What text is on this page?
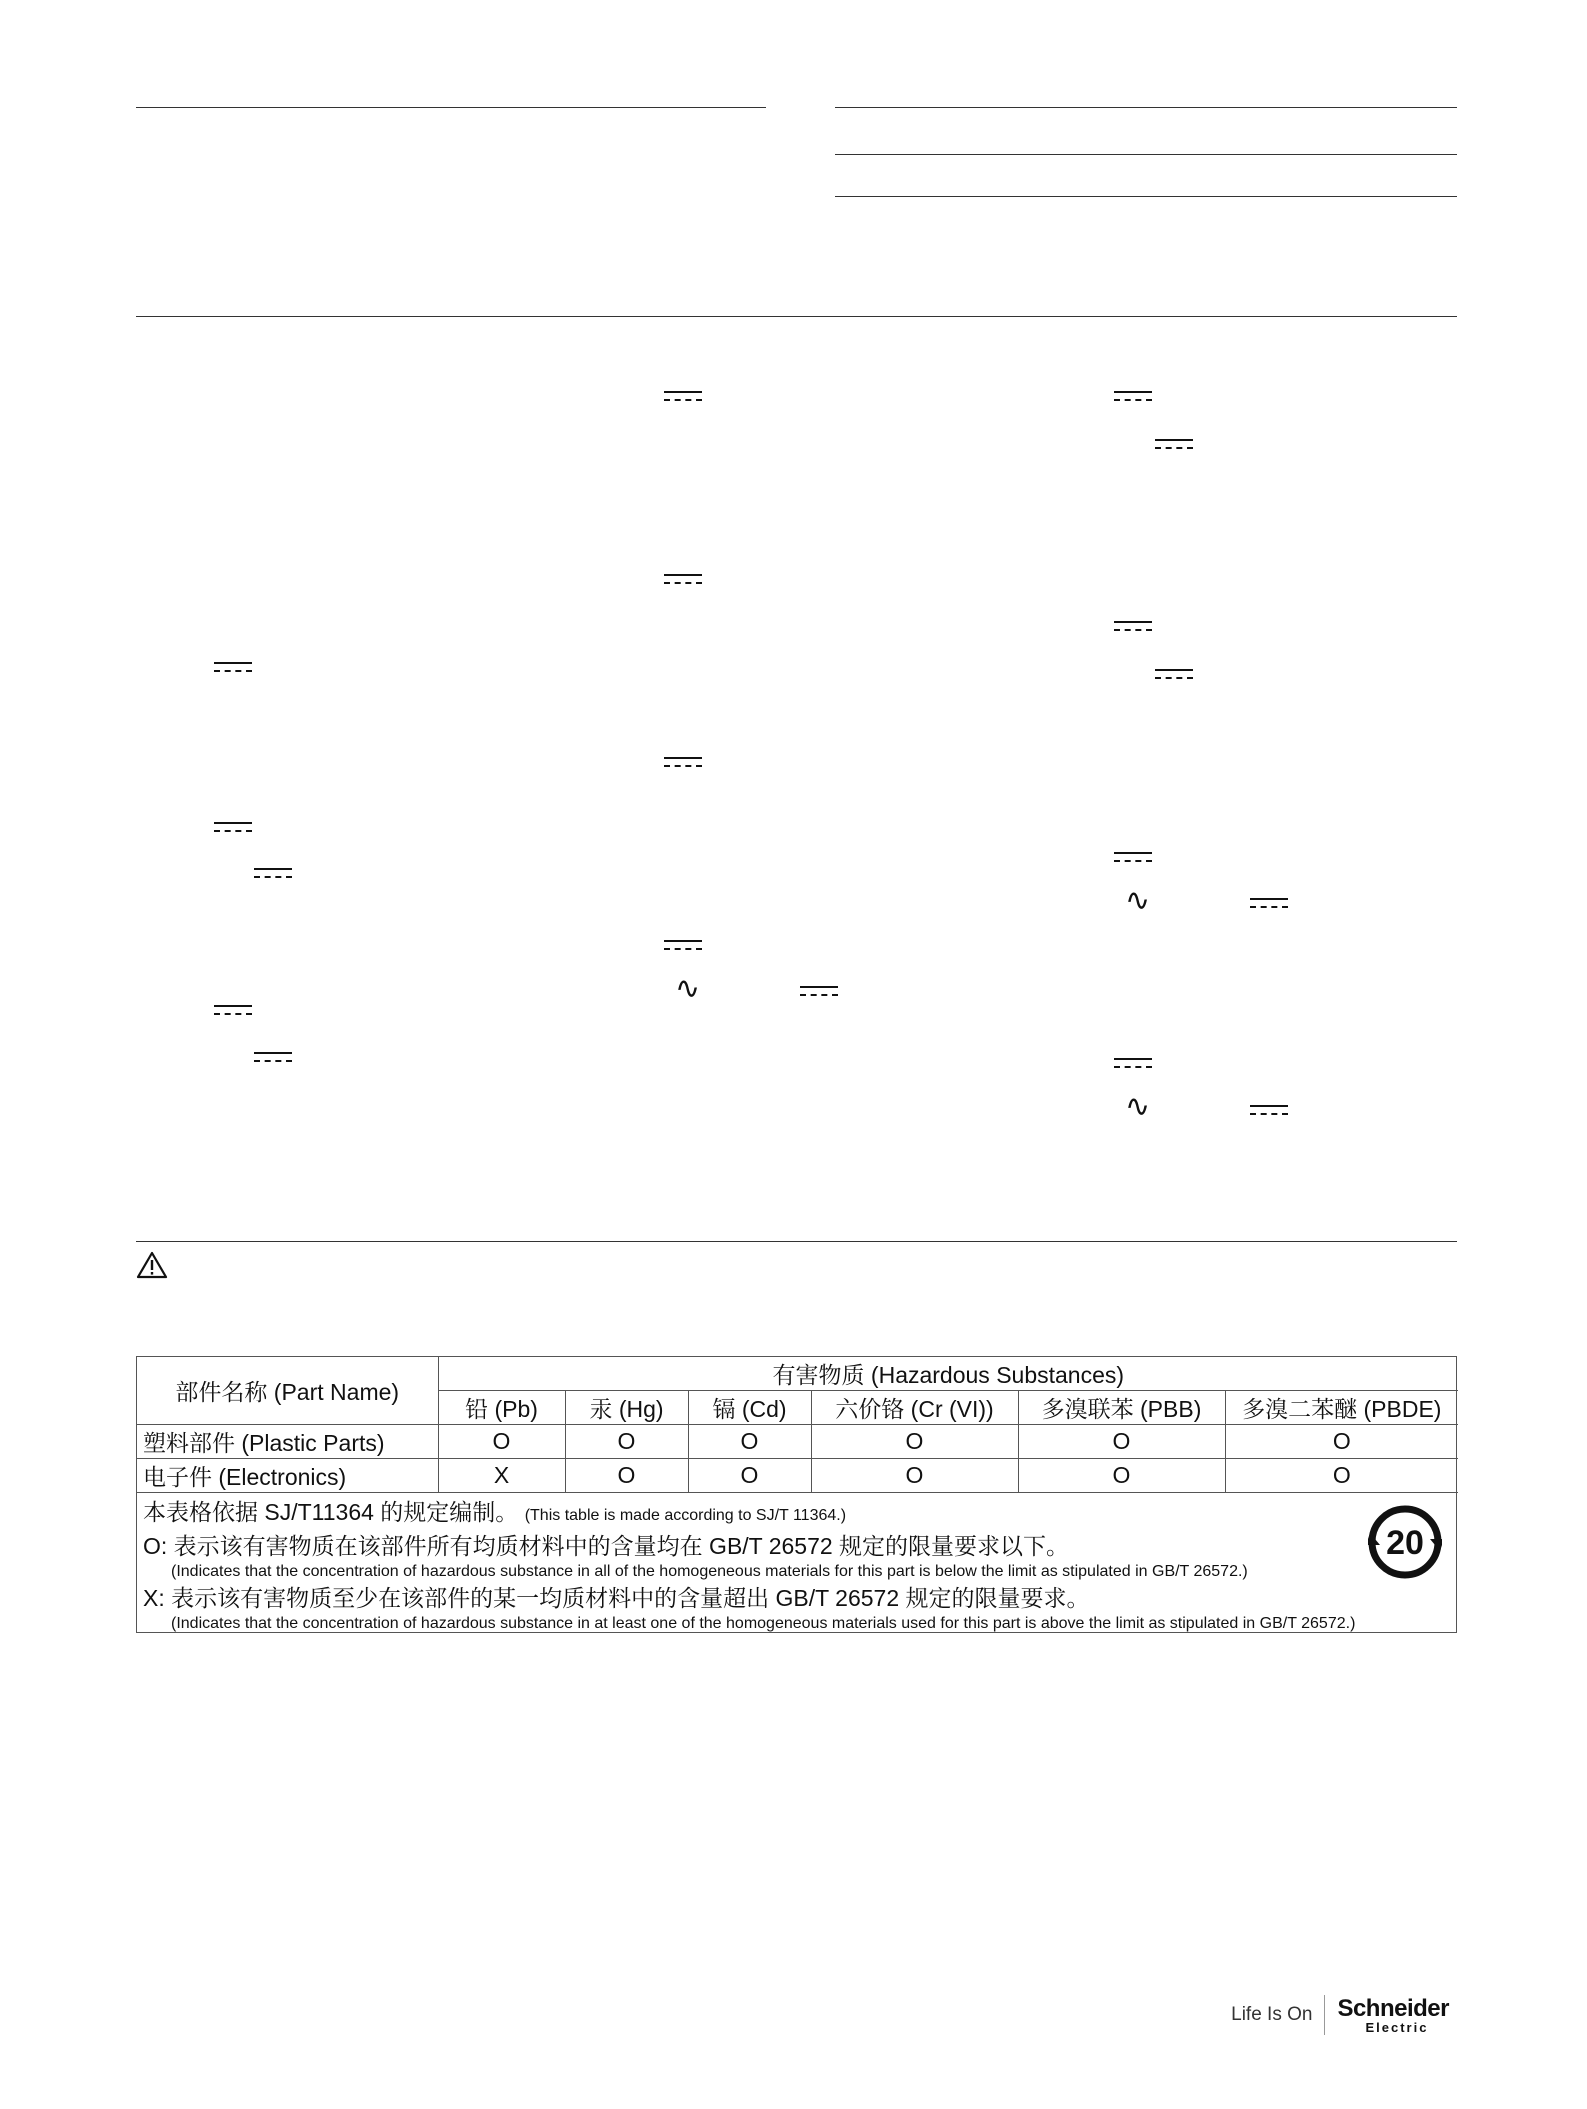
∿
∿
∿
部件名称 (Part Name)	有害物质 (Hazardous Substances)					
	铅 (Pb)	汞 (Hg)	镉 (Cd)	六价铬 (Cr (VI))	多溴联苯 (PBB)	多溴二苯醚 (PBDE)
塑料部件 (Plastic Parts)	O	O	O	O	O	O
电子件 (Electronics)	X	O	O	O	O	O
本表格依据 SJ/T11364 的规定编制。 (This table is made according to SJ/T 11364.)
O: 表示该有害物质在该部件所有均质材料中的含量均在 GB/T 26572 规定的限量要求以下。
(Indicates that the concentration of hazardous substance in all of the homogeneous materials for this part is below the limit as stipulated in GB/T 26572.)
X: 表示该有害物质至少在该部件的某一均质材料中的含量超出 GB/T 26572 规定的限量要求。
(Indicates that the concentration of hazardous substance in at least one of the homogeneous materials used for this part is above the limit as stipulated in GB/T 26572.)
20
Life Is On Schneider
Electric
